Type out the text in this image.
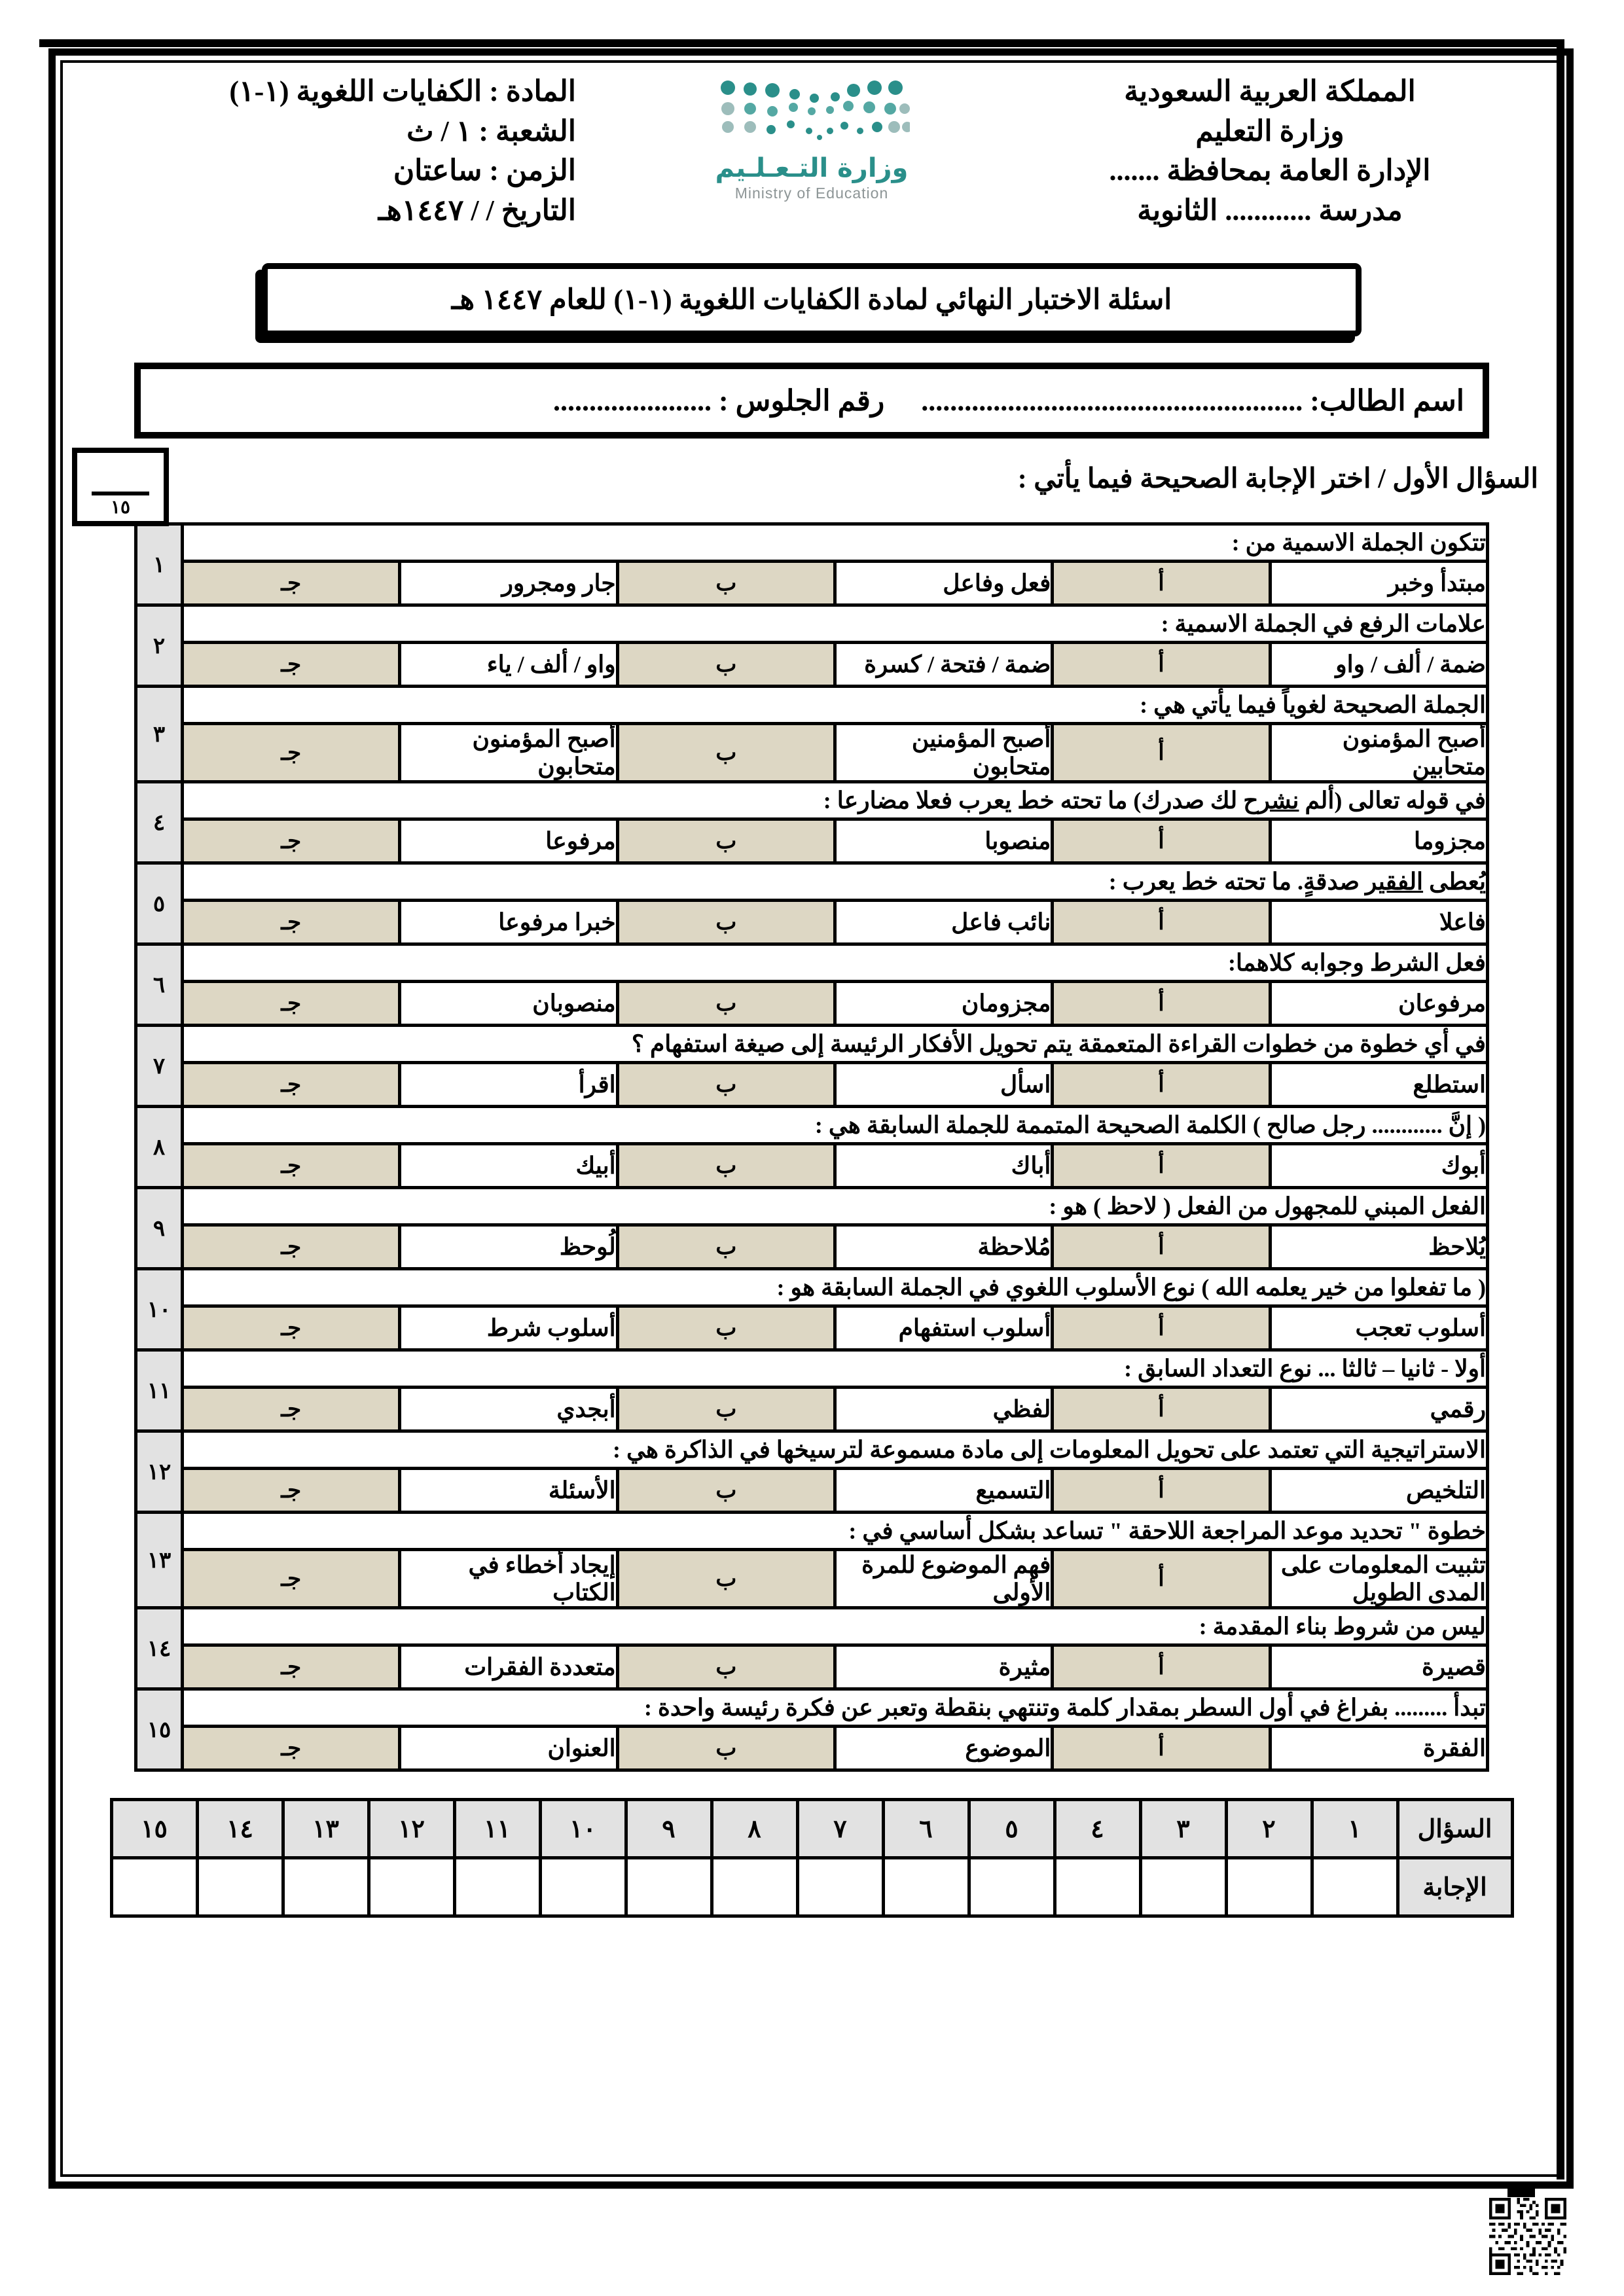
المملكة العربية السعودية
وزارة التعليم
الإدارة العامة بمحافظة .......
مدرسة ............ الثانوية
وزارة التـعـلـيم
Ministry of Education
المادة : الكفايات اللغوية (١-١)
الشعبة : ١ / ث
الزمن : ساعتان
التاريخ / / ١٤٤٧هـ
اسئلة الاختبار النهائي لمادة الكفايات اللغوية (١-١) للعام ١٤٤٧ هـ
اسم الطالب: .....................................................
رقم الجلوس : ......................
السؤال الأول / اختر الإجابة الصحيحة فيما يأتي :
١٥
تتكون الجملة الاسمية من :						١
مبتدأ وخبر	أ	فعل وفاعل	ب	جار ومجرور	جـ	
علامات الرفع في الجملة الاسمية :						٢
ضمة / ألف / واو	أ	ضمة / فتحة / كسرة	ب	واو / ألف / ياء	جـ	
الجملة الصحيحة لغوياً فيما يأتي هي :						٣
أصبح المؤمنون متحابين	أ	أصبح المؤمنين متحابون	ب	أصبح المؤمنون متحابون	جـ	
في قوله تعالى (ألم نشرح لك صدرك) ما تحته خط يعرب فعلا مضارعا :						٤
مجزوما	أ	منصوبا	ب	مرفوعا	جـ	
يُعطى الفقير صدقةٍ. ما تحته خط يعرب :						٥
فاعلا	أ	نائب فاعل	ب	خبرا مرفوعا	جـ	
فعل الشرط وجوابه كلاهما:						٦
مرفوعان	أ	مجزومان	ب	منصوبان	جـ	
في أي خطوة من خطوات القراءة المتعمقة يتم تحويل الأفكار الرئيسة إلى صيغة استفهام ؟						٧
استطلع	أ	اسأل	ب	اقرأ	جـ	
( إنَّ ............ رجل صالح ) الكلمة الصحيحة المتممة للجملة السابقة هي :						٨
أبوك	أ	أباك	ب	أبيك	جـ	
الفعل المبني للمجهول من الفعل ( لاحظ ) هو :						٩
يُلاحظ	أ	مُلاحظة	ب	لُوحظ	جـ	
( ما تفعلوا من خير يعلمه الله ) نوع الأسلوب اللغوي في الجملة السابقة هو :						١٠
أسلوب تعجب	أ	أسلوب استفهام	ب	أسلوب شرط	جـ	
أولا - ثانيا – ثالثا ... نوع التعداد السابق :						١١
رقمي	أ	لفظي	ب	أبجدي	جـ	
الاستراتيجية التي تعتمد على تحويل المعلومات إلى مادة مسموعة لترسيخها في الذاكرة هي :						١٢
التلخيص	أ	التسميع	ب	الأسئلة	جـ	
خطوة " تحديد موعد المراجعة اللاحقة " تساعد بشكل أساسي في :						١٣
تثبيت المعلومات على المدى الطويل	أ	فهم الموضوع للمرة الأولى	ب	إيجاد أخطاء في الكتاب	جـ	
ليس من شروط بناء المقدمة :						١٤
قصيرة	أ	مثيرة	ب	متعددة الفقرات	جـ	
تبدأ ......... بفراغ في أول السطر بمقدار كلمة وتنتهي بنقطة وتعبر عن فكرة رئيسة واحدة :						١٥
الفقرة	أ	الموضوع	ب	العنوان	جـ	
السؤال	١	٢	٣	٤	٥	٦	٧	٨	٩	١٠	١١	١٢	١٣	١٤	١٥
الإجابة															
